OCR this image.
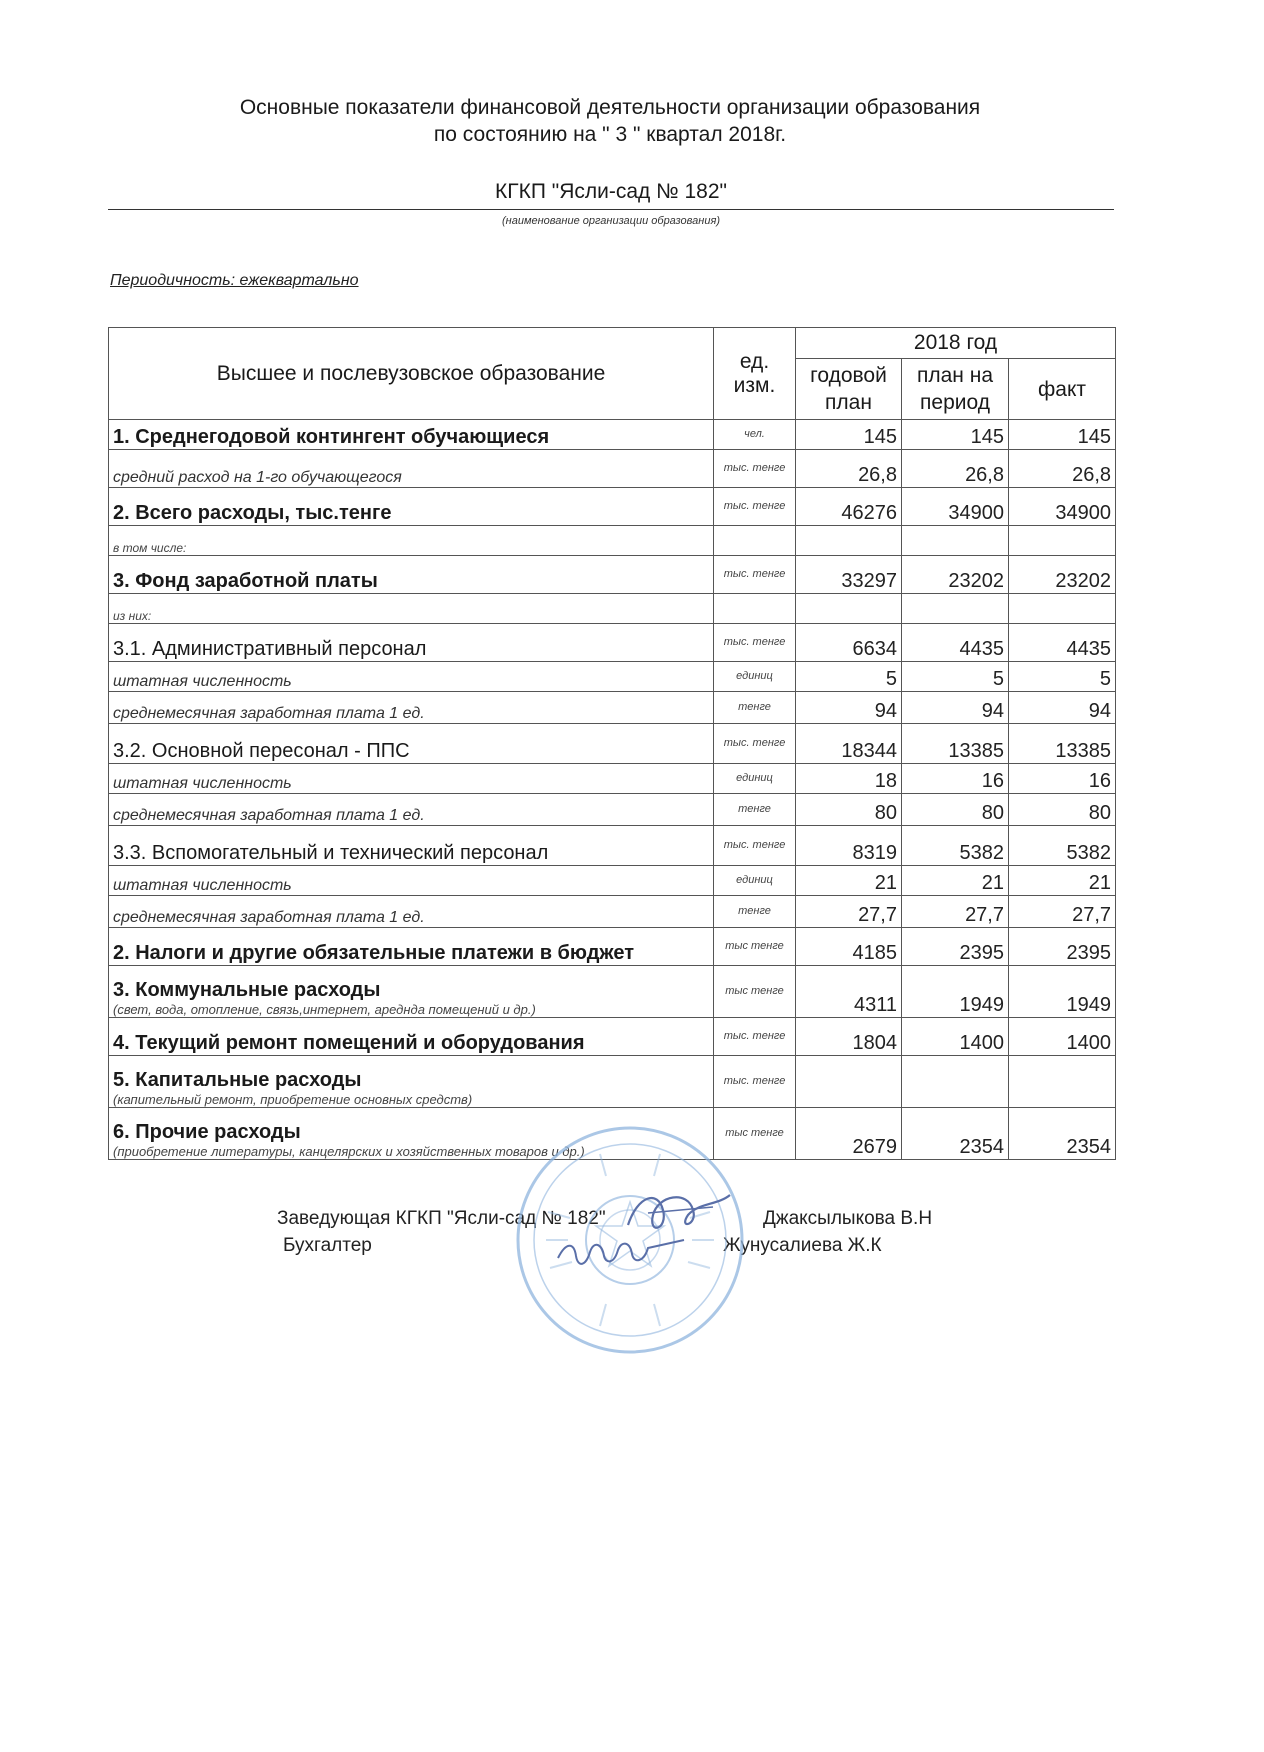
Основные показатели финансовой деятельности организации образования
по состоянию на " 3 " квартал 2018г.
КГКП "Ясли-сад № 182"
(наименование организации образования)
Периодичность: ежеквартально
Высшее и послевузовское образование	ед. изм.	2018 год		
		годовой план	план на период	факт
1. Среднегодовой контингент обучающиеся	чел.	145	145	145
средний расход на 1-го обучающегося	тыс. тенге	26,8	26,8	26,8
2. Всего расходы, тыс.тенге	тыс. тенге	46276	34900	34900
в том числе:				
3. Фонд заработной платы	тыс. тенге	33297	23202	23202
из них:				
3.1. Административный персонал	тыс. тенге	6634	4435	4435
штатная численность	единиц	5	5	5
среднемесячная заработная плата 1 ед.	тенге	94	94	94
3.2. Основной пересонал - ППС	тыс. тенге	18344	13385	13385
штатная численность	единиц	18	16	16
среднемесячная заработная плата 1 ед.	тенге	80	80	80
3.3. Вспомогательный и технический персонал	тыс. тенге	8319	5382	5382
штатная численность	единиц	21	21	21
среднемесячная заработная плата 1 ед.	тенге	27,7	27,7	27,7
2. Налоги и другие обязательные платежи в бюджет	тыс тенге	4185	2395	2395

3. Коммунальные расходы
(свет, вода, отопление, связь,интернет, аредндa помещений и др.)	тыс тенге	4311	1949	1949
4. Текущий ремонт помещений и оборудования	тыс. тенге	1804	1400	1400

5. Капитальные расходы
(капитeльный ремонт, приобретение основных средств)	тыс. тенге			

6. Прочие расходы
(приобретение литературы, канцелярских и хозяйственных товаров и др.)	тыс тенге	2679	2354	2354
Заведующая КГКП "Ясли-сад № 182"	Джаксылыкова В.Н
Бухгалтер	Жунусалиева Ж.К
